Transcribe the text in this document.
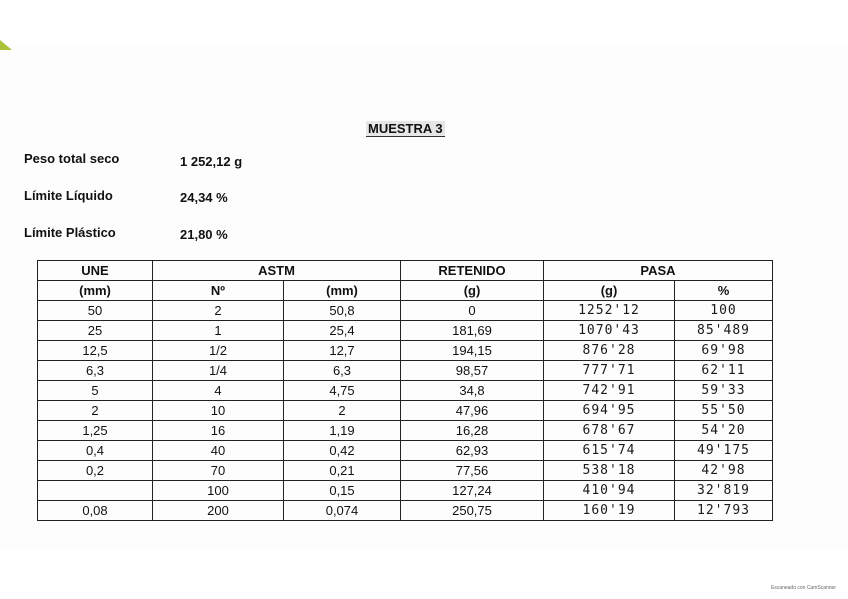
MUESTRA 3
Peso total seco	1 252,12 g
Límite Líquido	24,34 %
Límite Plástico	21,80 %
UNE	ASTM		RETENIDO	PASA	
(mm)	Nº	(mm)	(g)	(g)	%
50	2	50,8	0	1252'12	100
25	1	25,4	181,69	1070'43	85'489
12,5	1/2	12,7	194,15	876'28	69'98
6,3	1/4	6,3	98,57	777'71	62'11
5	4	4,75	34,8	742'91	59'33
2	10	2	47,96	694'95	55'50
1,25	16	1,19	16,28	678'67	54'20
0,4	40	0,42	62,93	615'74	49'175
0,2	70	0,21	77,56	538'18	42'98
	100	0,15	127,24	410'94	32'819
0,08	200	0,074	250,75	160'19	12'793
Escaneado con CamScanner
